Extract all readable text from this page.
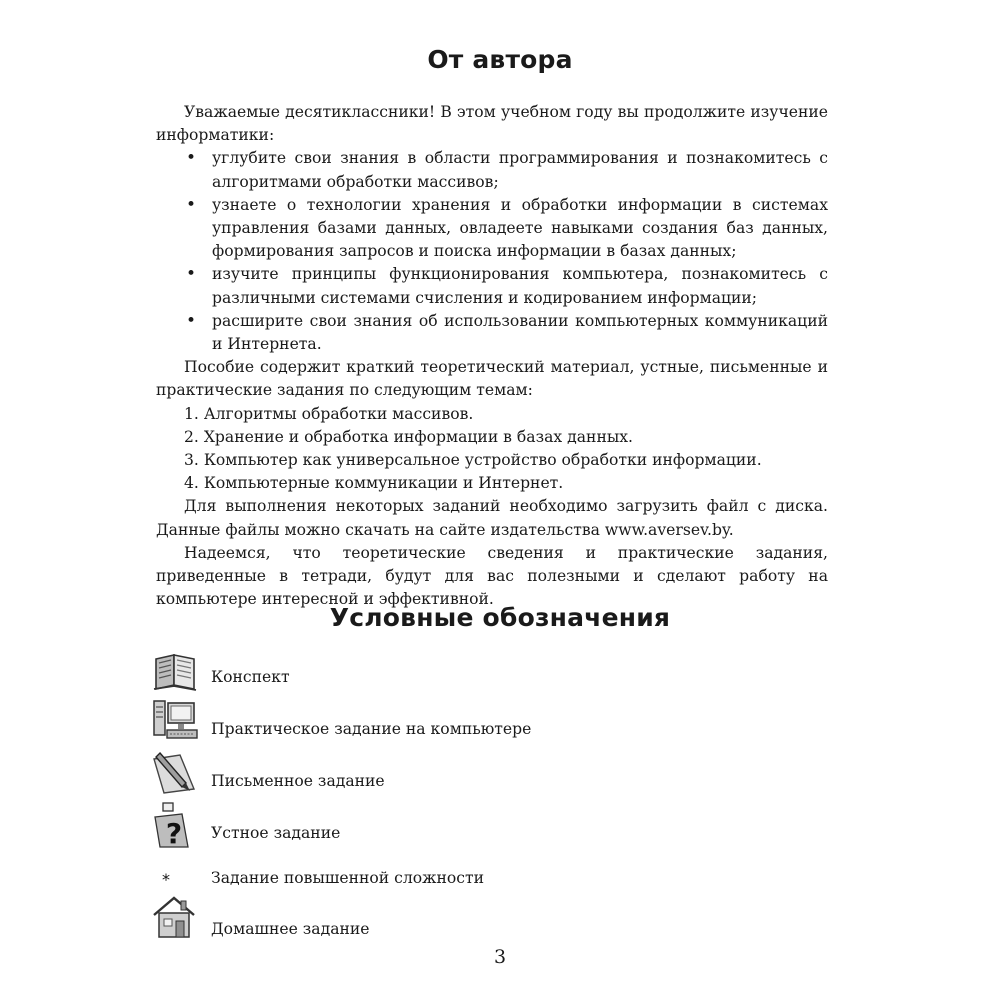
От автора

Уважаемые десятиклассники! В этом учебном году вы продолжите изучение информатики:

• углубите свои знания в области программирования и познакомитесь с алгоритмами обработки массивов;
• узнаете о технологии хранения и обработки информации в системах управления базами данных, овладеете навыками создания баз данных, формирования запросов и поиска информации в базах данных;
• изучите принципы функционирования компьютера, познакомитесь с различными системами счисления и кодированием информации;
• расширите свои знания об использовании компьютерных коммуникаций и Интернета.

Пособие содержит краткий теоретический материал, устные, письменные и практические задания по следующим темам:

1. Алгоритмы обработки массивов.
2. Хранение и обработка информации в базах данных.
3. Компьютер как универсальное устройство обработки информации.
4. Компьютерные коммуникации и Интернет.

Для выполнения некоторых заданий необходимо загрузить файл с диска. Данные файлы можно скачать на сайте издательства www.aversev.by.

Надеемся, что теоретические сведения и практические задания, приведенные в тетради, будут для вас полезными и сделают работу на компьютере интересной и эффективной.

Условные обозначения
Конспект
Практическое задание на компьютере
Письменное задание
? Устное задание
*	Задание повышенной сложности
Домашнее задание
3
